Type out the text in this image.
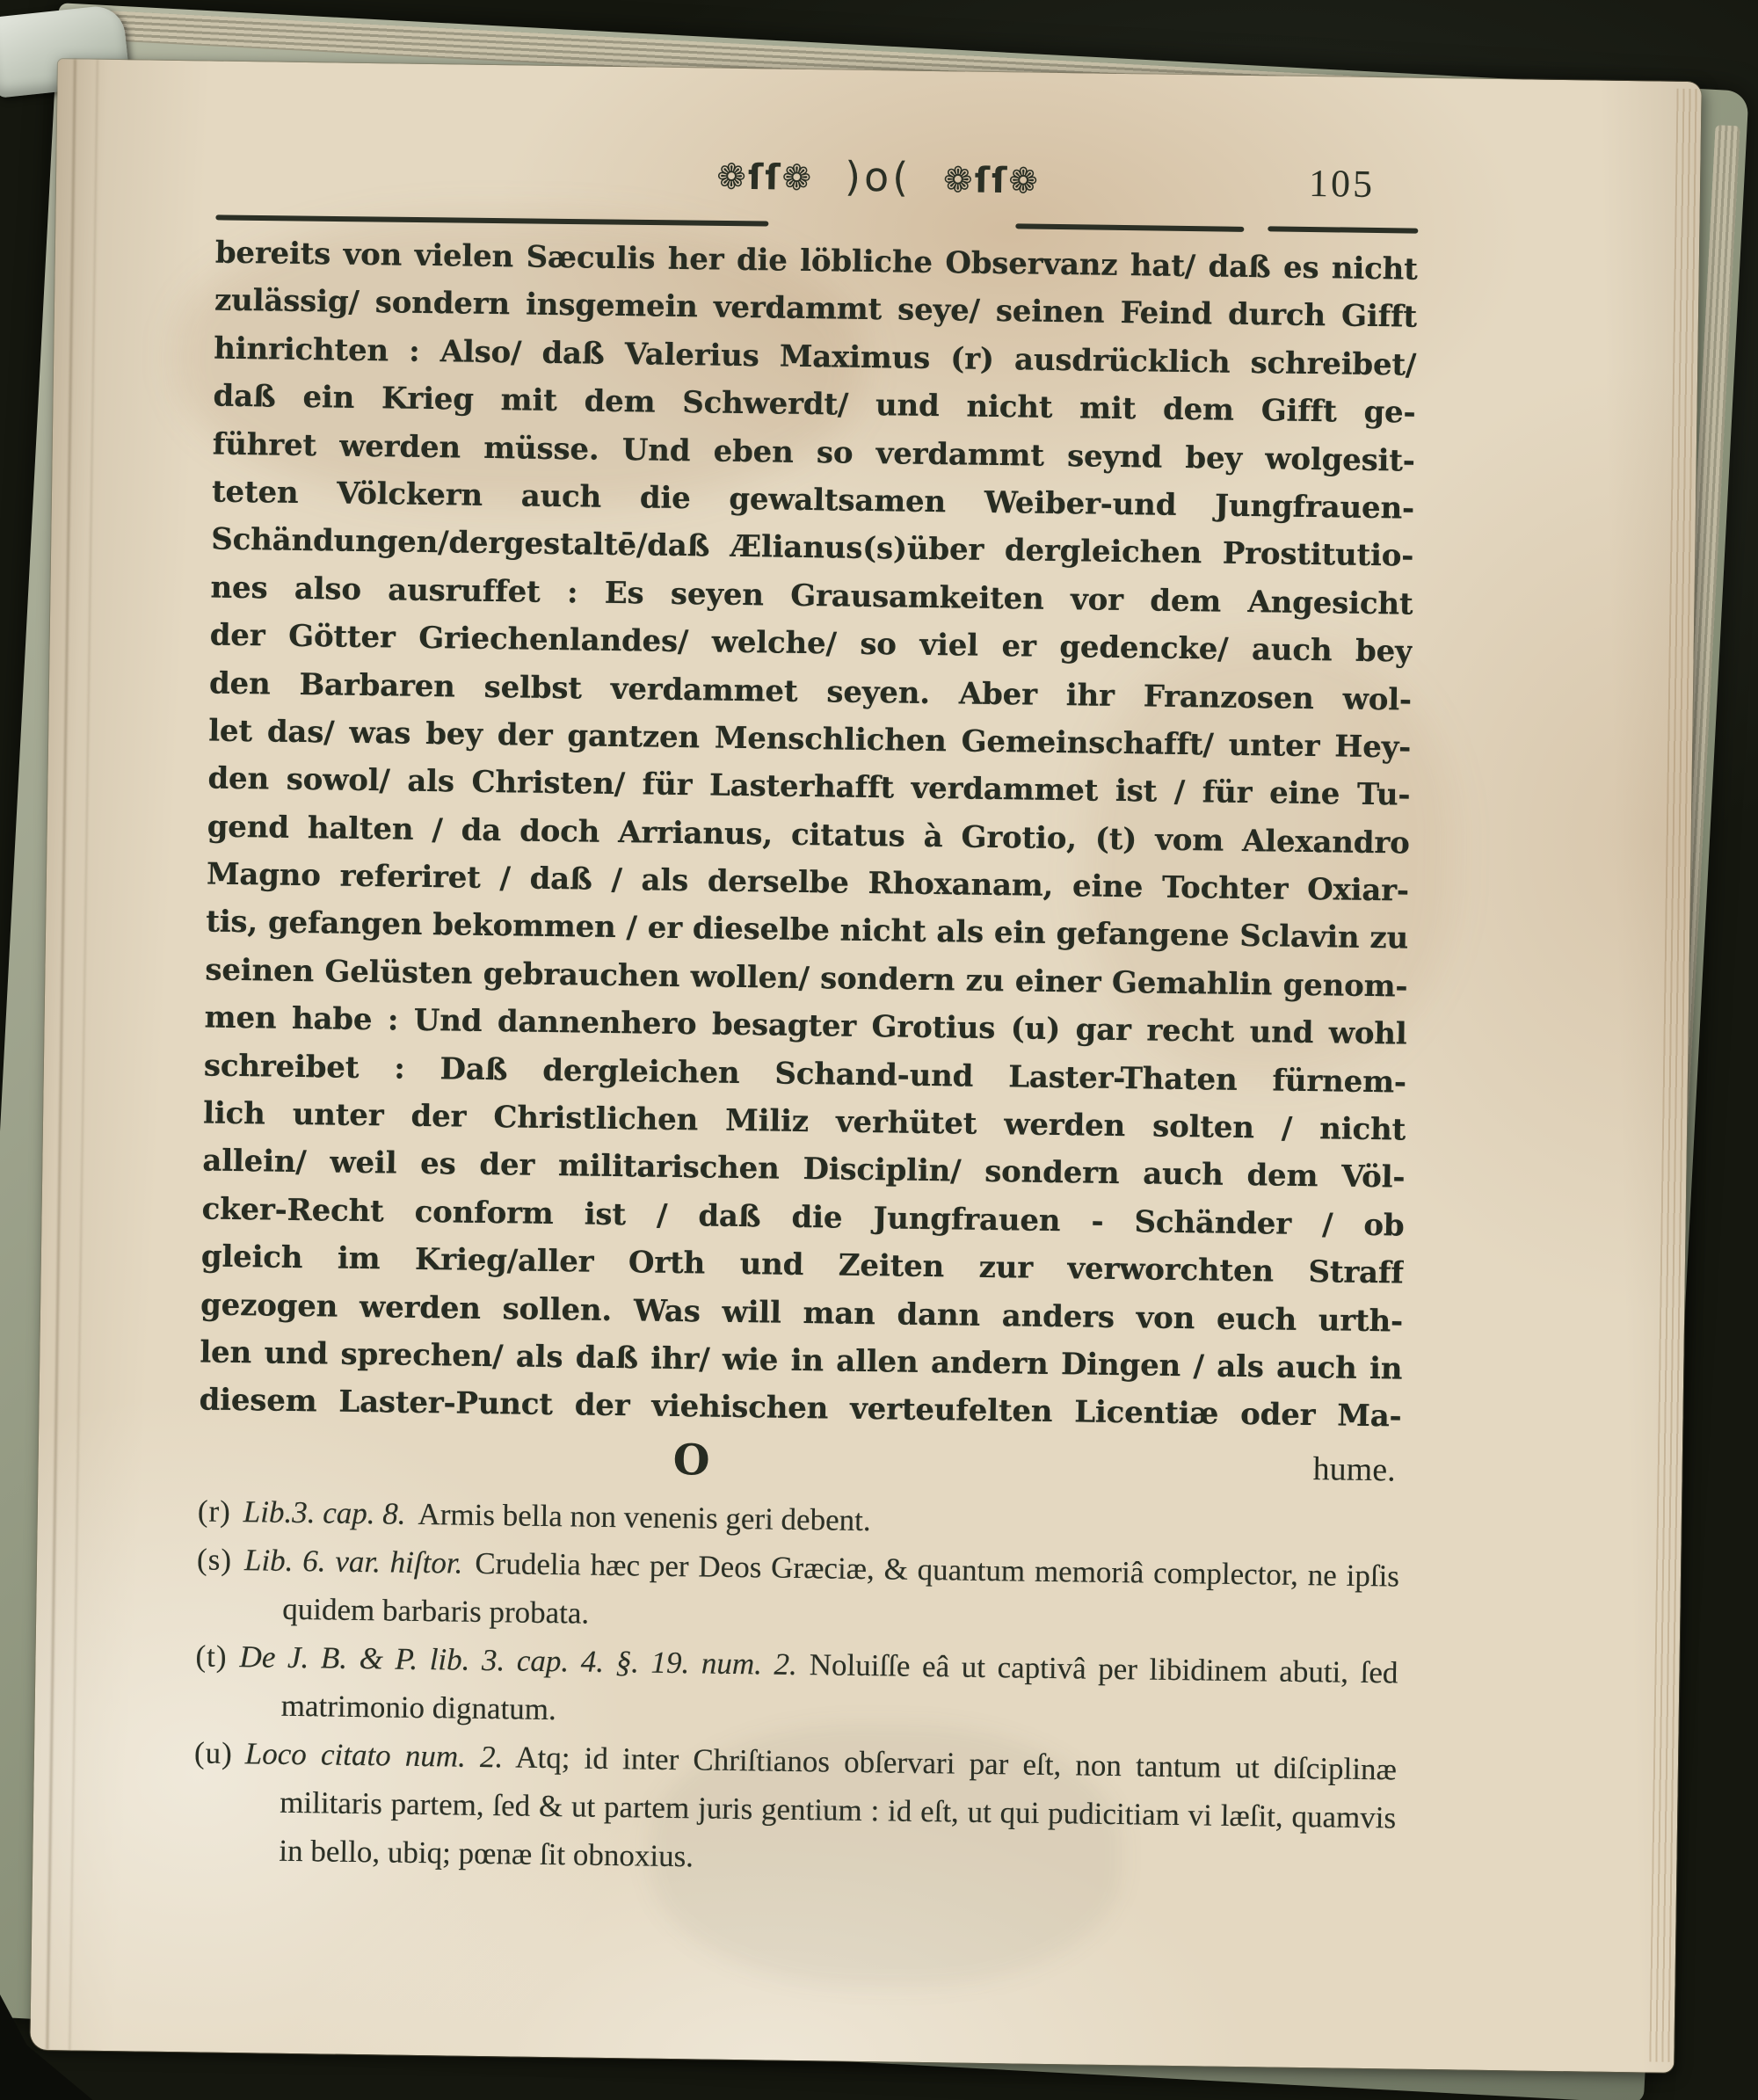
❁ſſ❁ )o( ❁ſſ❁	105
bereits von vielen Sæculis her die löbliche Observanz hat/ daß es nicht
zulässig/ sondern insgemein verdammt seye/ seinen Feind durch Gifft
hinrichten : Also/ daß Valerius Maximus (r) ausdrücklich schreibet/
daß ein Krieg mit dem Schwerdt/ und nicht mit dem Gifft ge-
führet werden müsse. Und eben so verdammt seynd bey wolgesit-
teten Völckern auch die gewaltsamen Weiber-und Jungfrauen-
Schändungen/dergestaltē/daß Ælianus(s)über dergleichen Prostitutio-
nes also ausruffet : Es seyen Grausamkeiten vor dem Angesicht
der Götter Griechenlandes/ welche/ so viel er gedencke/ auch bey
den Barbaren selbst verdammet seyen. Aber ihr Franzosen wol-
let das/ was bey der gantzen Menschlichen Gemeinschafft/ unter Hey-
den sowol/ als Christen/ für Lasterhafft verdammet ist / für eine Tu-
gend halten / da doch Arrianus, citatus à Grotio, (t) vom Alexandro
Magno referiret / daß / als derselbe Rhoxanam, eine Tochter Oxiar-
tis, gefangen bekommen / er dieselbe nicht als ein gefangene Sclavin zu
seinen Gelüsten gebrauchen wollen/ sondern zu einer Gemahlin genom-
men habe : Und dannenhero besagter Grotius (u) gar recht und wohl
schreibet : Daß dergleichen Schand-und Laster-Thaten fürnem-
lich unter der Christlichen Miliz verhütet werden solten / nicht
allein/ weil es der militarischen Disciplin/ sondern auch dem Völ-
cker-Recht conform ist / daß die Jungfrauen - Schänder / ob
gleich im Krieg/aller Orth und Zeiten zur verworchten Straff
gezogen werden sollen. Was will man dann anders von euch urth-
len und sprechen/ als daß ihr/ wie in allen andern Dingen / als auch in
diesem Laster-Punct der viehischen verteufelten Licentiæ oder Ma-
O	hume.
(r) Lib.3. cap. 8. Armis bella non venenis geri debent.
(s) Lib. 6. var. hiſtor. Crudelia hæc per Deos Græciæ, & quantum memoriâ complector, ne ipſis quidem barbaris probata.
(t) De J. B. & P. lib. 3. cap. 4. §. 19. num. 2. Noluiſſe eâ ut captivâ per libidinem abuti, ſed matrimonio dignatum.
(u) Loco citato num. 2. Atq; id inter Chriſtianos obſervari par eſt, non tantum ut diſciplinæ militaris partem, ſed & ut partem juris gentium : id eſt, ut qui pudicitiam vi læſit, quamvis in bello, ubiq; pœnæ ſit obnoxius.
